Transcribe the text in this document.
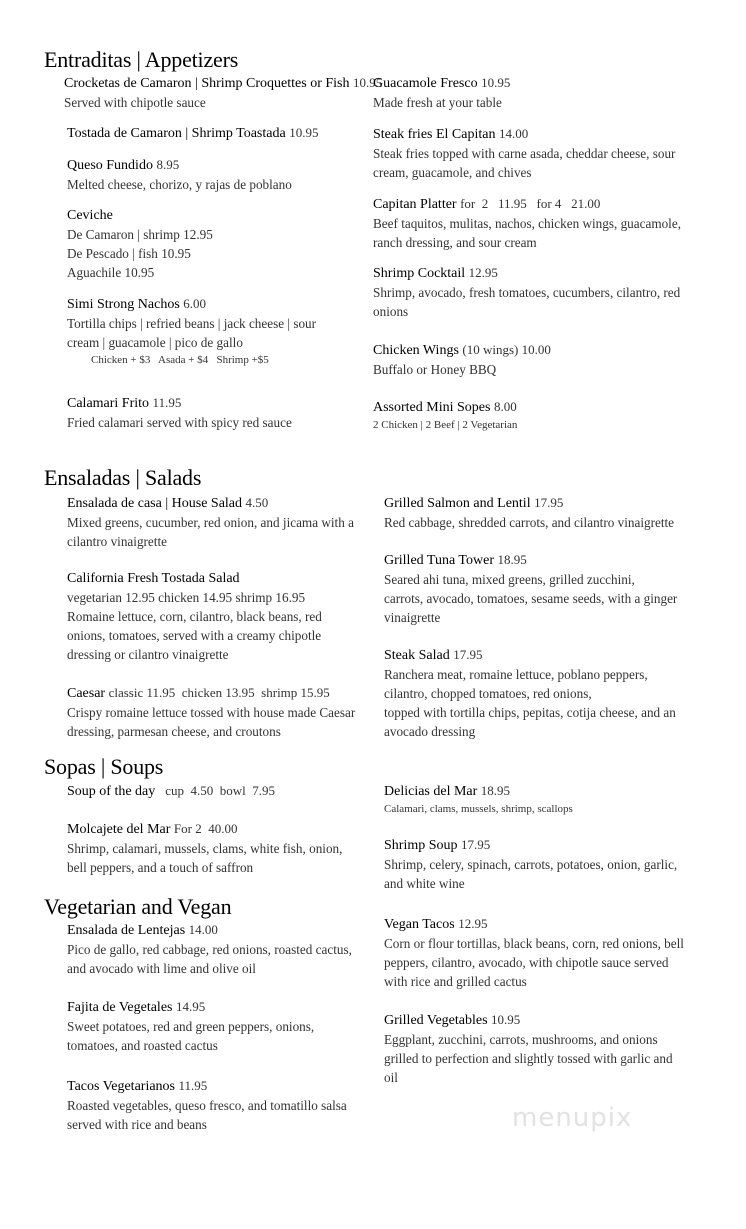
Entraditas | Appetizers
Crocketas de Camaron | Shrimp Croquettes or Fish 10.95
Served with chipotle sauce
Tostada de Camaron | Shrimp Toastada 10.95
Queso Fundido 8.95
Melted cheese, chorizo, y rajas de poblano
Ceviche
De Camaron | shrimp 12.95
De Pescado | fish 10.95
Aguachile 10.95
Simi Strong Nachos 6.00
Tortilla chips | refried beans | jack cheese | sour
cream | guacamole | pico de gallo
Chicken + $3   Asada + $4   Shrimp +$5
Calamari Frito 11.95
Fried calamari served with spicy red sauce
Guacamole Fresco 10.95
Made fresh at your table
Steak fries El Capitan 14.00
Steak fries topped with carne asada, cheddar cheese, sour
cream, guacamole, and chives
Capitan Platter for  2   11.95   for 4   21.00
Beef taquitos, mulitas, nachos, chicken wings, guacamole,
ranch dressing, and sour cream
Shrimp Cocktail 12.95
Shrimp, avocado, fresh tomatoes, cucumbers, cilantro, red
onions
Chicken Wings (10 wings) 10.00
Buffalo or Honey BBQ
Assorted Mini Sopes 8.00
2 Chicken | 2 Beef | 2 Vegetarian
Ensaladas | Salads
Ensalada de casa | House Salad 4.50
Mixed greens, cucumber, red onion, and jicama with a
cilantro vinaigrette
California Fresh Tostada Salad
vegetarian 12.95 chicken 14.95 shrimp 16.95
Romaine lettuce, corn, cilantro, black beans, red
onions, tomatoes, served with a creamy chipotle
dressing or cilantro vinaigrette
Caesar classic 11.95  chicken 13.95  shrimp 15.95
Crispy romaine lettuce tossed with house made Caesar
dressing, parmesan cheese, and croutons
Grilled Salmon and Lentil 17.95
Red cabbage, shredded carrots, and cilantro vinaigrette
Grilled Tuna Tower 18.95
Seared ahi tuna, mixed greens, grilled zucchini,
carrots, avocado, tomatoes, sesame seeds, with a ginger
vinaigrette
Steak Salad 17.95
Ranchera meat, romaine lettuce, poblano peppers,
cilantro, chopped tomatoes, red onions,
topped with tortilla chips, pepitas, cotija cheese, and an
avocado dressing
Sopas | Soups
Soup of the day   cup  4.50  bowl  7.95
Molcajete del Mar For 2  40.00
Shrimp, calamari, mussels, clams, white fish, onion,
bell peppers, and a touch of saffron
Delicias del Mar 18.95
Calamari, clams, mussels, shrimp, scallops
Shrimp Soup 17.95
Shrimp, celery, spinach, carrots, potatoes, onion, garlic,
and white wine
Vegetarian and Vegan
Ensalada de Lentejas 14.00
Pico de gallo, red cabbage, red onions, roasted cactus,
and avocado with lime and olive oil
Fajita de Vegetales 14.95
Sweet potatoes, red and green peppers, onions,
tomatoes, and roasted cactus
Tacos Vegetarianos 11.95
Roasted vegetables, queso fresco, and tomatillo salsa
served with rice and beans
Vegan Tacos 12.95
Corn or flour tortillas, black beans, corn, red onions, bell
peppers, cilantro, avocado, with chipotle sauce served
with rice and grilled cactus
Grilled Vegetables 10.95
Eggplant, zucchini, carrots, mushrooms, and onions
grilled to perfection and slightly tossed with garlic and
oil
menupix
